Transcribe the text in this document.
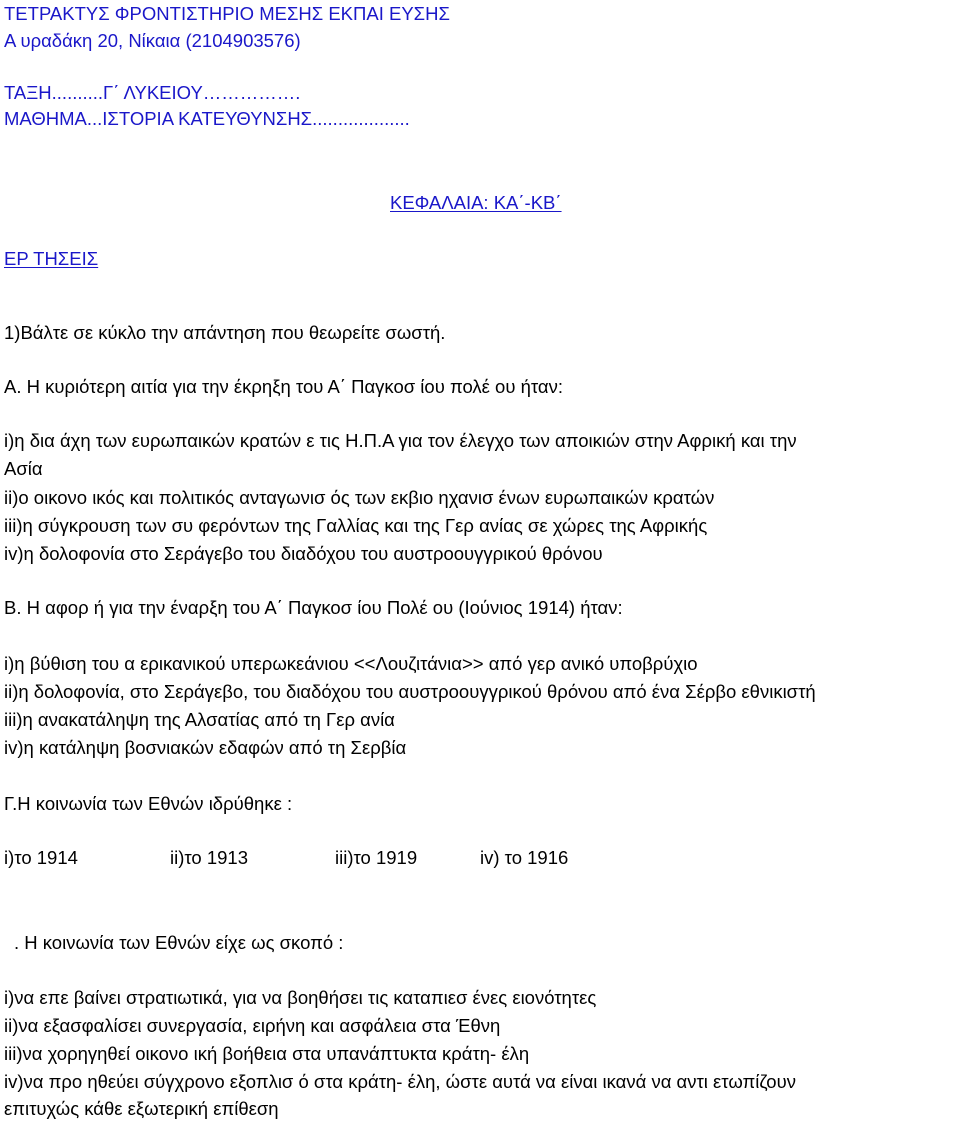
ΤΕΤΡΑΚΤΥΣ ΦΡΟΝΤΙΣΤΗΡΙΟ ΜΕΣΗΣ ΕΚΠΑΙ ΕΥΣΗΣ
Α υραδάκη 20, Νίκαια (2104903576)
ΤΑΞΗ..........Γ΄ ΛΥΚΕΙΟΥ…………….
ΜΑΘΗΜΑ...ΙΣΤΟΡΙΑ ΚΑΤΕΥΘΥΝΣΗΣ...................
ΚΕΦΑΛΑΙΑ: ΚΑ΄-ΚΒ΄
ΕΡ ΤΗΣΕΙΣ
1)Βάλτε σε κύκλο την απάντηση που θεωρείτε σωστή.
Α. Η κυριότερη αιτία για την έκρηξη του Α΄ Παγκοσ ίου πολέ ου ήταν:
i)η δια άχη των ευρωπαικών κρατών ε τις Η.Π.Α για τον έλεγχο των αποικιών στην Αφρική και την
Ασία
ii)ο οικονο ικός και πολιτικός ανταγωνισ ός των εκβιο ηχανισ ένων ευρωπαικών κρατών
iii)η σύγκρουση των συ φερόντων της Γαλλίας και της Γερ ανίας σε χώρες της Αφρικής
iv)η δολοφονία στο Σεράγεβο του διαδόχου του αυστροουγγρικού θρόνου
Β. Η αφορ ή για την έναρξη του Α΄ Παγκοσ ίου Πολέ ου (Ιούνιος 1914) ήταν:
i)η βύθιση του α ερικανικού υπερωκεάνιου <<Λουζιτάνια>> από γερ ανικό υποβρύχιο
ii)η δολοφονία, στο Σεράγεβο, του διαδόχου του αυστροουγγρικού θρόνου από ένα Σέρβο εθνικιστή
iii)η ανακατάληψη της Αλσατίας από τη Γερ ανία
iv)η κατάληψη βοσνιακών εδαφών από τη Σερβία
Γ.Η κοινωνία των Εθνών ιδρύθηκε :
i)το 1914	ii)το 1913	iii)το 1919	iv) το 1916
. Η κοινωνία των Εθνών είχε ως σκοπό :
i)να επε βαίνει στρατιωτικά, για να βοηθήσει τις καταπιεσ ένες ειονότητες
ii)να εξασφαλίσει συνεργασία, ειρήνη και ασφάλεια στα Έθνη
iii)να χορηγηθεί οικονο ική βοήθεια στα υπανάπτυκτα κράτη- έλη
iv)να προ ηθεύει σύγχρονο εξοπλισ ό στα κράτη- έλη, ώστε αυτά να είναι ικανά να αντι ετωπίζουν
επιτυχώς κάθε εξωτερική επίθεση
